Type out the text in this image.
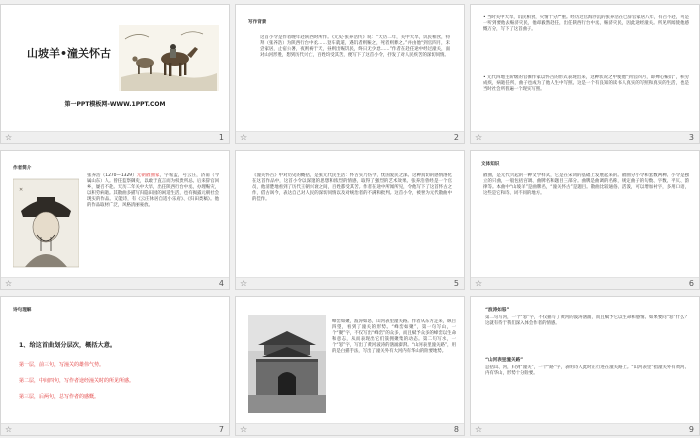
山坡羊•潼关怀古
第一PPT模板网-WWW.1PPT.COM
☆	1
写作背景
这首小令是作者晚年赴陕西时所作。《元史·张养浩传》说：“天历二年，关中大旱，饥民相食，特拜（张养浩）为陕西行台中丞……登车就道，遇饥者则赈之，死者则葬之。”并由他“到官四月，未尝家居，止宿公署，夜则祷于天，昼则出赈饥民，终日无少怠……”作者在赴任途中经过潼关，面对山河形胜，想到历代兴亡，百姓均受其苦，便写下了这首小令，抒发了对人民疾苦的深切同情。
☆	2
• 当时关中大旱，饥民相食，灾情十分严重。经历过官海浮沉的张养浩在已辞官家居八年，有召不赴，可是一听到要他去赈济灾民，他却毅然赴任，出任陕西行台中丞，赈济灾民，因此途经潼关。所见所闻使他感慨万分，写下了这首曲子。
• 元代四地主阶级的官僚作家以怀古的形式表现出来，这种状况之中使他“到官四月，即殚心赈饥”，积劳成疾，病逝任所，曲子也成为了他人生中写照。这是一个有良知的读书人真实的写照和真实的生活，也是当时社会所普遍一个现实写照。
☆	3
作者简介
✕
张养浩（1270—1329）元朝散曲家，字希孟，号云庄，济南（今属山东）人。曾任监察御史，以敢于直言而为权贵所忌。后来辞官回乡，屡召不赴。天历二年关中大旱，出任陕西行台中丞，办理赈灾，以积劳病逝。其散曲多描写归隐田园的闲适生活，也有揭露元朝社会现实的作品。又能诗，有《云庄休居自适小乐府》、《归田类稿》。他的作品取材广泛，风格清丽豪放。
☆	4
《潼关怀古》中对历史的概括，是张元代民生活：怀古实乃伤今，忧国爱民之深。这种真切的感情溶化在这首作品中，这首小令以深邃的思想和浓烈的情感，取得了强烈的艺术效果。张养浩曾经是一个官员，他清楚地看到了历代王朝兴衰之间，百姓都受其苦。作者在途中所闻所见，令他写下了这首怀古之作，借古讽今，表达自己对人民的深切同情以及对统治者的不满和批判。这首小令，被誉为元代散曲中的佳作。
☆	5
文体知识
散曲，是元代兴起的一种文学样式，它是在宋词的基础上发展起来的。散曲分小令和套数两种。小令是独立的只曲，一般包括宫调、曲牌名和题目三部分。曲牌是曲调的名称，规定曲子的句数、字数、平仄、韵律等。本曲中“山坡羊”是曲牌名，“潼关怀古”是题目。散曲比较通俗、活泼，可以增加衬字，多用口语，这些是它和诗、词不同的地方。
☆	6
诗句理解
1、给这首曲划分层次，概括大意。
第一层，前三句，写潼关的雄伟气势。
第二层，中间四句，写作者途经潼关时的所见所感。
第三层，后两句，总写作者的感慨。
☆	7
峰峦如聚，波涛如怒，山河表里潼关路。作者从东方走来，纵目四望，看到了潼关的形势。“峰峦如聚”，第一句写山，一个“聚”字，不仅写出“峰峦”的众多，而且赋予众多的峰峦以生命和意志，从而表现出它们簇拥聚集的动态。第二句写水，一个“怒”字，写出了黄河波涛的汹涌澎湃。“山河表里潼关路”，用的是白描手法，写出了潼关外有大河内有华山的险要地势。
☆	8
“波涛如怒”
第二句写河，一个“怒”字，不仅描写了黄河的波涛汹涌，而且赋予它以生命和感情。如果要问“怒”什么？这就有待于我们深入体会作者的情感。
“山河表里潼关路”
总括山、河，归到“潼关”，一个“路”字，表明诗人此时正行进在潼关路上。“山河表里”指潼关外有黄河、内有华山，形势十分险要。
☆	9
